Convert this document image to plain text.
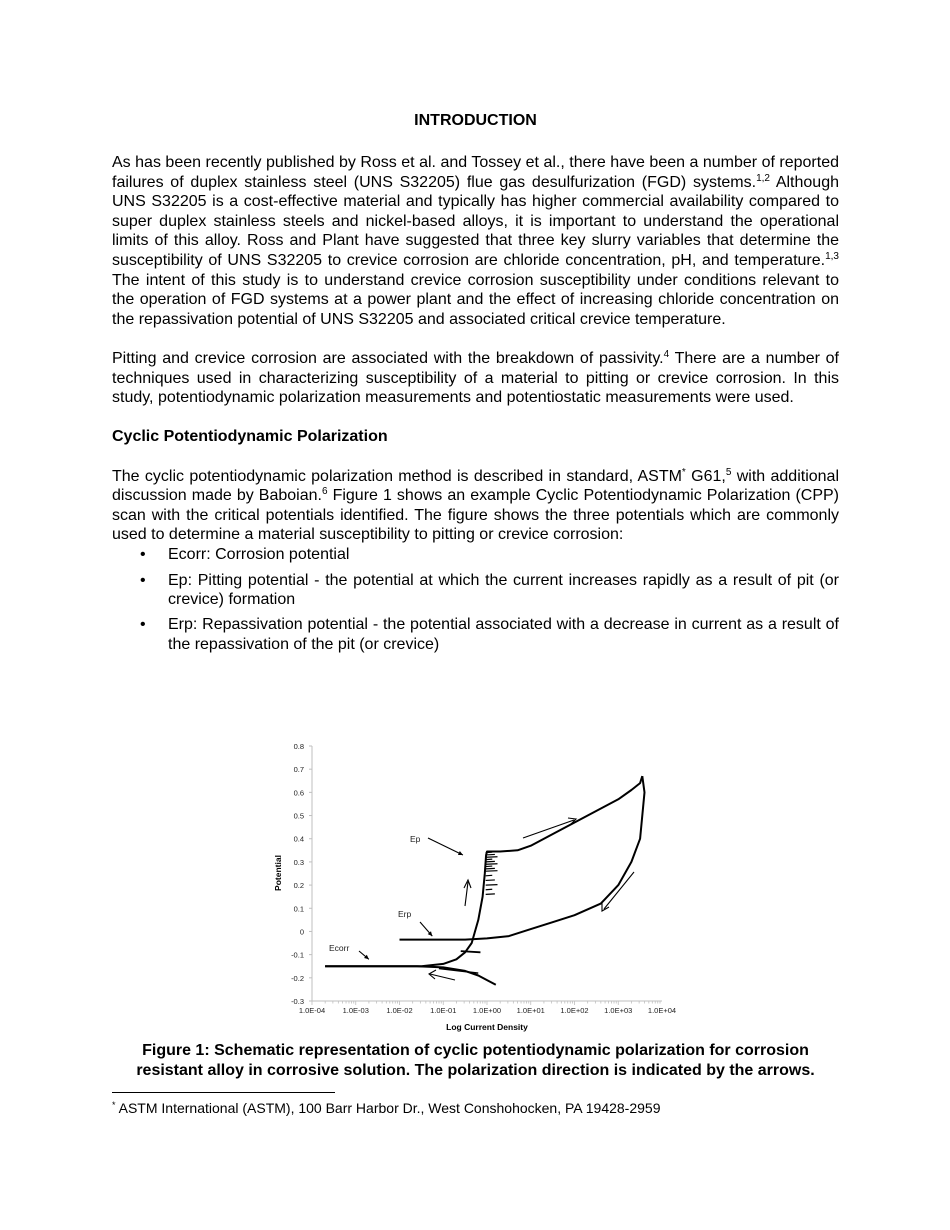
INTRODUCTION

As has been recently published by Ross et al. and Tossey et al., there have been a number of reported failures of duplex stainless steel (UNS S32205) flue gas desulfurization (FGD) systems.$^{1,2}$ Although UNS S32205 is a cost-effective material and typically has higher commercial availability compared to super duplex stainless steels and nickel-based alloys, it is important to understand the operational limits of this alloy. Ross and Plant have suggested that three key slurry variables that determine the susceptibility of UNS S32205 to crevice corrosion are chloride concentration, pH, and temperature.$^{1,3}$ The intent of this study is to understand crevice corrosion susceptibility under conditions relevant to the operation of FGD systems at a power plant and the effect of increasing chloride concentration on the repassivation potential of UNS S32205 and associated critical crevice temperature.

Pitting and crevice corrosion are associated with the breakdown of passivity.$^4$ There are a number of techniques used in characterizing susceptibility of a material to pitting or crevice corrosion. In this study, potentiodynamic polarization measurements and potentiostatic measurements were used.

Cyclic Potentiodynamic Polarization

The cyclic potentiodynamic polarization method is described in standard, ASTM* G61,$^5$ with additional discussion made by Baboian.$^6$ Figure 1 shows an example Cyclic Potentiodynamic Polarization (CPP) scan with the critical potentials identified. The figure shows the three potentials which are commonly used to determine a material susceptibility to pitting or crevice corrosion:

• Ecorr: Corrosion potential
• Ep: Pitting potential - the potential at which the current increases rapidly as a result of pit (or crevice) formation
• Erp: Repassivation potential - the potential associated with a decrease in current as a result of the repassivation of the pit (or crevice)
0.8
0.7
0.6
0.5
0.4
0.3
0.2
0.1
0
-0.1
-0.2
-0.3
1.0E-04 1.0E-03 1.0E-02 1.0E-01 1.0E+00 1.0E+01 1.0E+02 1.0E+03 1.0E+04
Log Current Density
Potential
Ep
Erp
Ecorr
Figure 1: Schematic representation of cyclic potentiodynamic polarization for corrosion resistant alloy in corrosive solution. The polarization direction is indicated by the arrows.
* ASTM International (ASTM), 100 Barr Harbor Dr., West Conshohocken, PA 19428-2959
